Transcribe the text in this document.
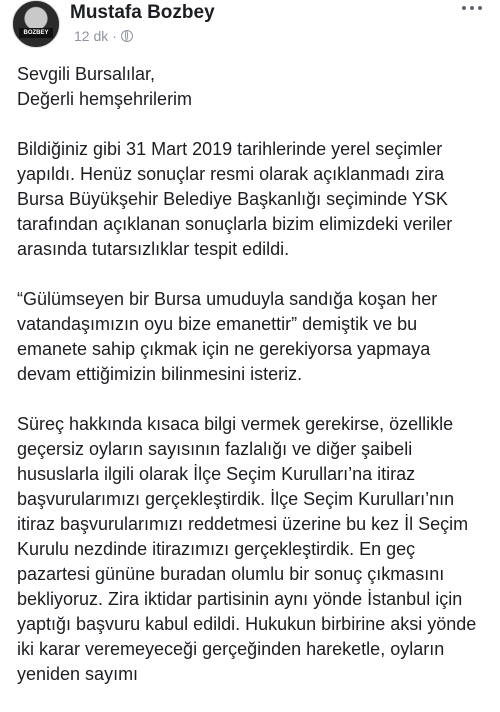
BOZBEY
Mustafa Bozbey
12 dk ·

Sevgili Bursalılar,
Değerli hemşehrilerim

Bildiğiniz gibi 31 Mart 2019 tarihlerinde yerel seçimler yapıldı. Henüz sonuçlar resmi olarak açıklanmadı zira Bursa Büyükşehir Belediye Başkanlığı seçiminde YSK tarafından açıklanan sonuçlarla bizim elimizdeki veriler arasında tutarsızlıklar tespit edildi.

“Gülümseyen bir Bursa umuduyla sandığa koşan her vatandaşımızın oyu bize emanettir” demiştik ve bu emanete sahip çıkmak için ne gerekiyorsa yapmaya devam ettiğimizin bilinmesini isteriz.

Süreç hakkında kısaca bilgi vermek gerekirse, özellikle geçersiz oyların sayısının fazlalığı ve diğer şaibeli hususlarla ilgili olarak İlçe Seçim Kurulları’na itiraz başvurularımızı gerçekleştirdik. İlçe Seçim Kurulları’nın itiraz başvurularımızı reddetmesi üzerine bu kez İl Seçim Kurulu nezdinde itirazımızı gerçekleştirdik. En geç pazartesi gününe buradan olumlu bir sonuç çıkmasını bekliyoruz. Zira iktidar partisinin aynı yönde İstanbul için yaptığı başvuru kabul edildi. Hukukun birbirine aksi yönde iki karar veremeyeceği gerçeğinden hareketle, oyların yeniden sayımı
